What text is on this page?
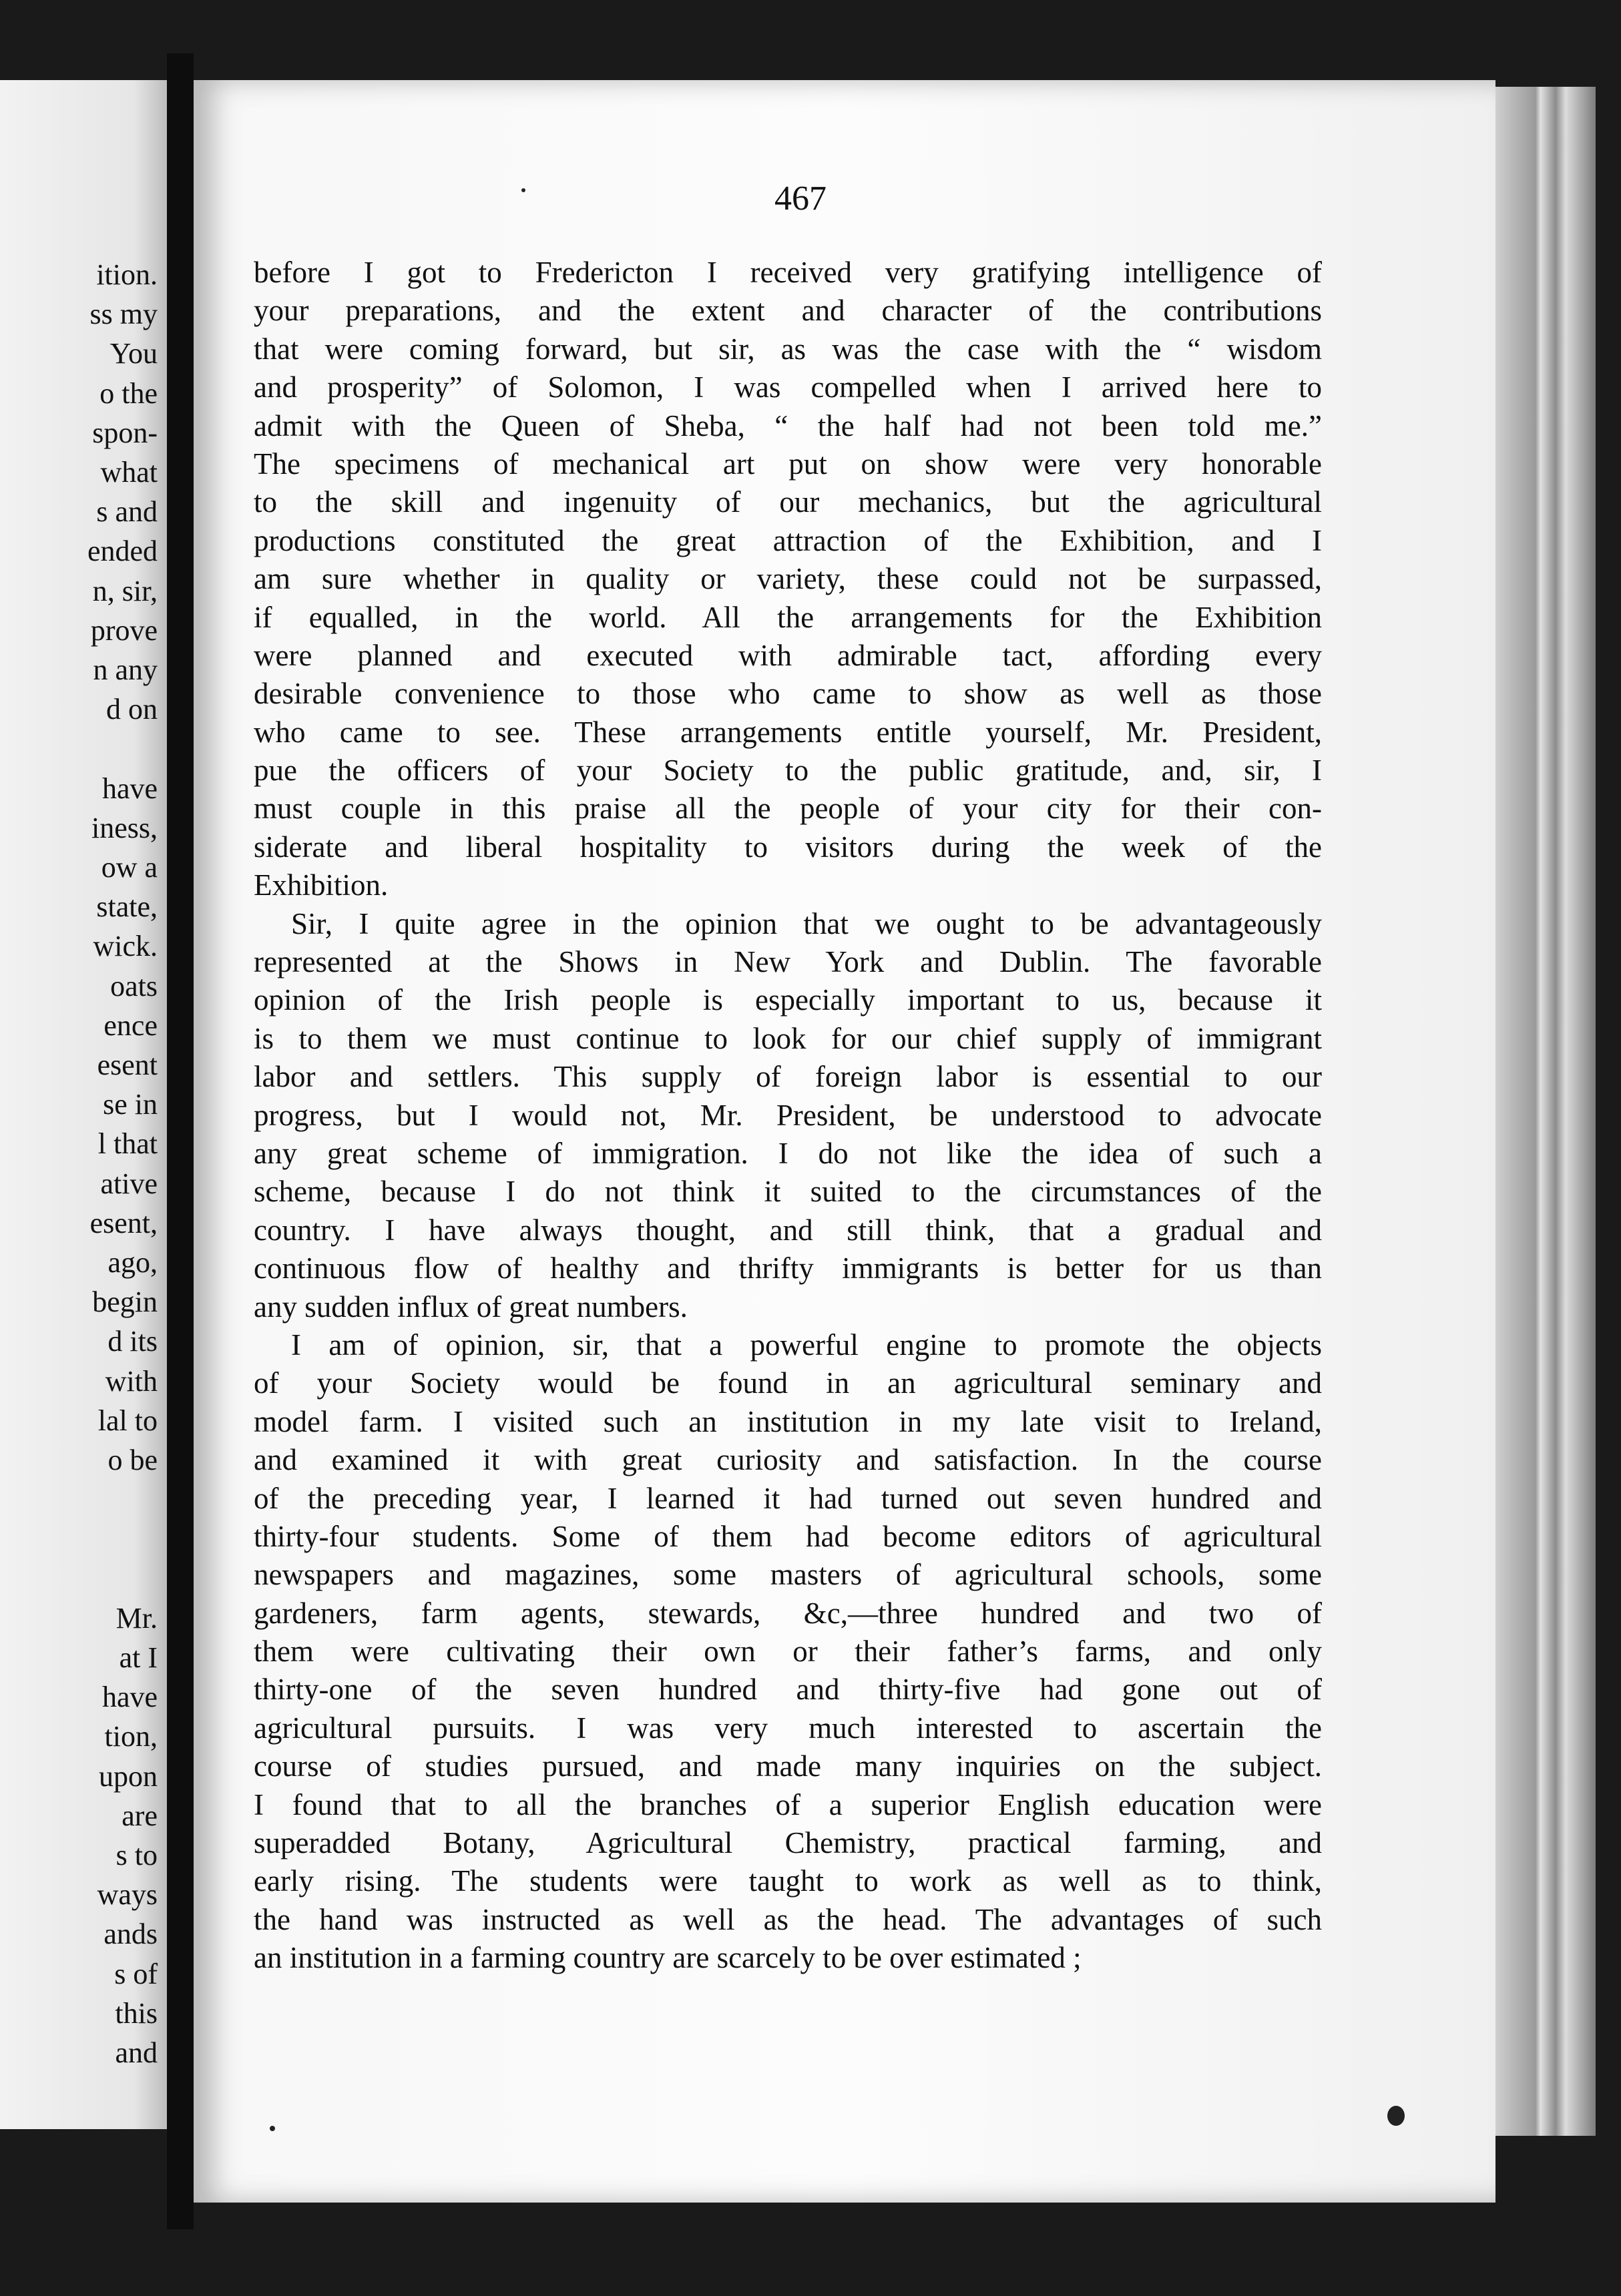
ition.
ss my
You
o the
spon-
what
s and
ended
n, sir,
prove
n any
d on
have
iness,
ow a
state,
wick.
oats
ence
esent
se in
l that
ative
esent,
ago,
begin
d its
with
lal to
o be
Mr.
at I
have
tion,
upon
are
s to
ways
ands
s of
this
and
467
before I got to Fredericton I received very gratifying intelligence of
your preparations, and the extent and character of the contributions
that were coming forward, but sir, as was the case with the “ wisdom
and prosperity” of Solomon, I was compelled when I arrived here to
admit with the Queen of Sheba, “ the half had not been told me.”
The specimens of mechanical art put on show were very honorable
to the skill and ingenuity of our mechanics, but the agricultural
productions constituted the great attraction of the Exhibition, and I
am sure whether in quality or variety, these could not be surpassed,
if equalled, in the world. All the arrangements for the Exhibition
were planned and executed with admirable tact, affording every
desirable convenience to those who came to show as well as those
who came to see. These arrangements entitle yourself, Mr. President,
pue the officers of your Society to the public gratitude, and, sir, I
must couple in this praise all the people of your city for their con-
siderate and liberal hospitality to visitors during the week of the
Exhibition.
Sir, I quite agree in the opinion that we ought to be advantageously
represented at the Shows in New York and Dublin. The favorable
opinion of the Irish people is especially important to us, because it
is to them we must continue to look for our chief supply of immigrant
labor and settlers. This supply of foreign labor is essential to our
progress, but I would not, Mr. President, be understood to advocate
any great scheme of immigration. I do not like the idea of such a
scheme, because I do not think it suited to the circumstances of the
country. I have always thought, and still think, that a gradual and
continuous flow of healthy and thrifty immigrants is better for us than
any sudden influx of great numbers.
I am of opinion, sir, that a powerful engine to promote the objects
of your Society would be found in an agricultural seminary and
model farm. I visited such an institution in my late visit to Ireland,
and examined it with great curiosity and satisfaction. In the course
of the preceding year, I learned it had turned out seven hundred and
thirty-four students. Some of them had become editors of agricultural
newspapers and magazines, some masters of agricultural schools, some
gardeners, farm agents, stewards, &c,—three hundred and two of
them were cultivating their own or their father’s farms, and only
thirty-one of the seven hundred and thirty-five had gone out of
agricultural pursuits. I was very much interested to ascertain the
course of studies pursued, and made many inquiries on the subject.
I found that to all the branches of a superior English education were
superadded Botany, Agricultural Chemistry, practical farming, and
early rising. The students were taught to work as well as to think,
the hand was instructed as well as the head. The advantages of such
an institution in a farming country are scarcely to be over estimated ;
